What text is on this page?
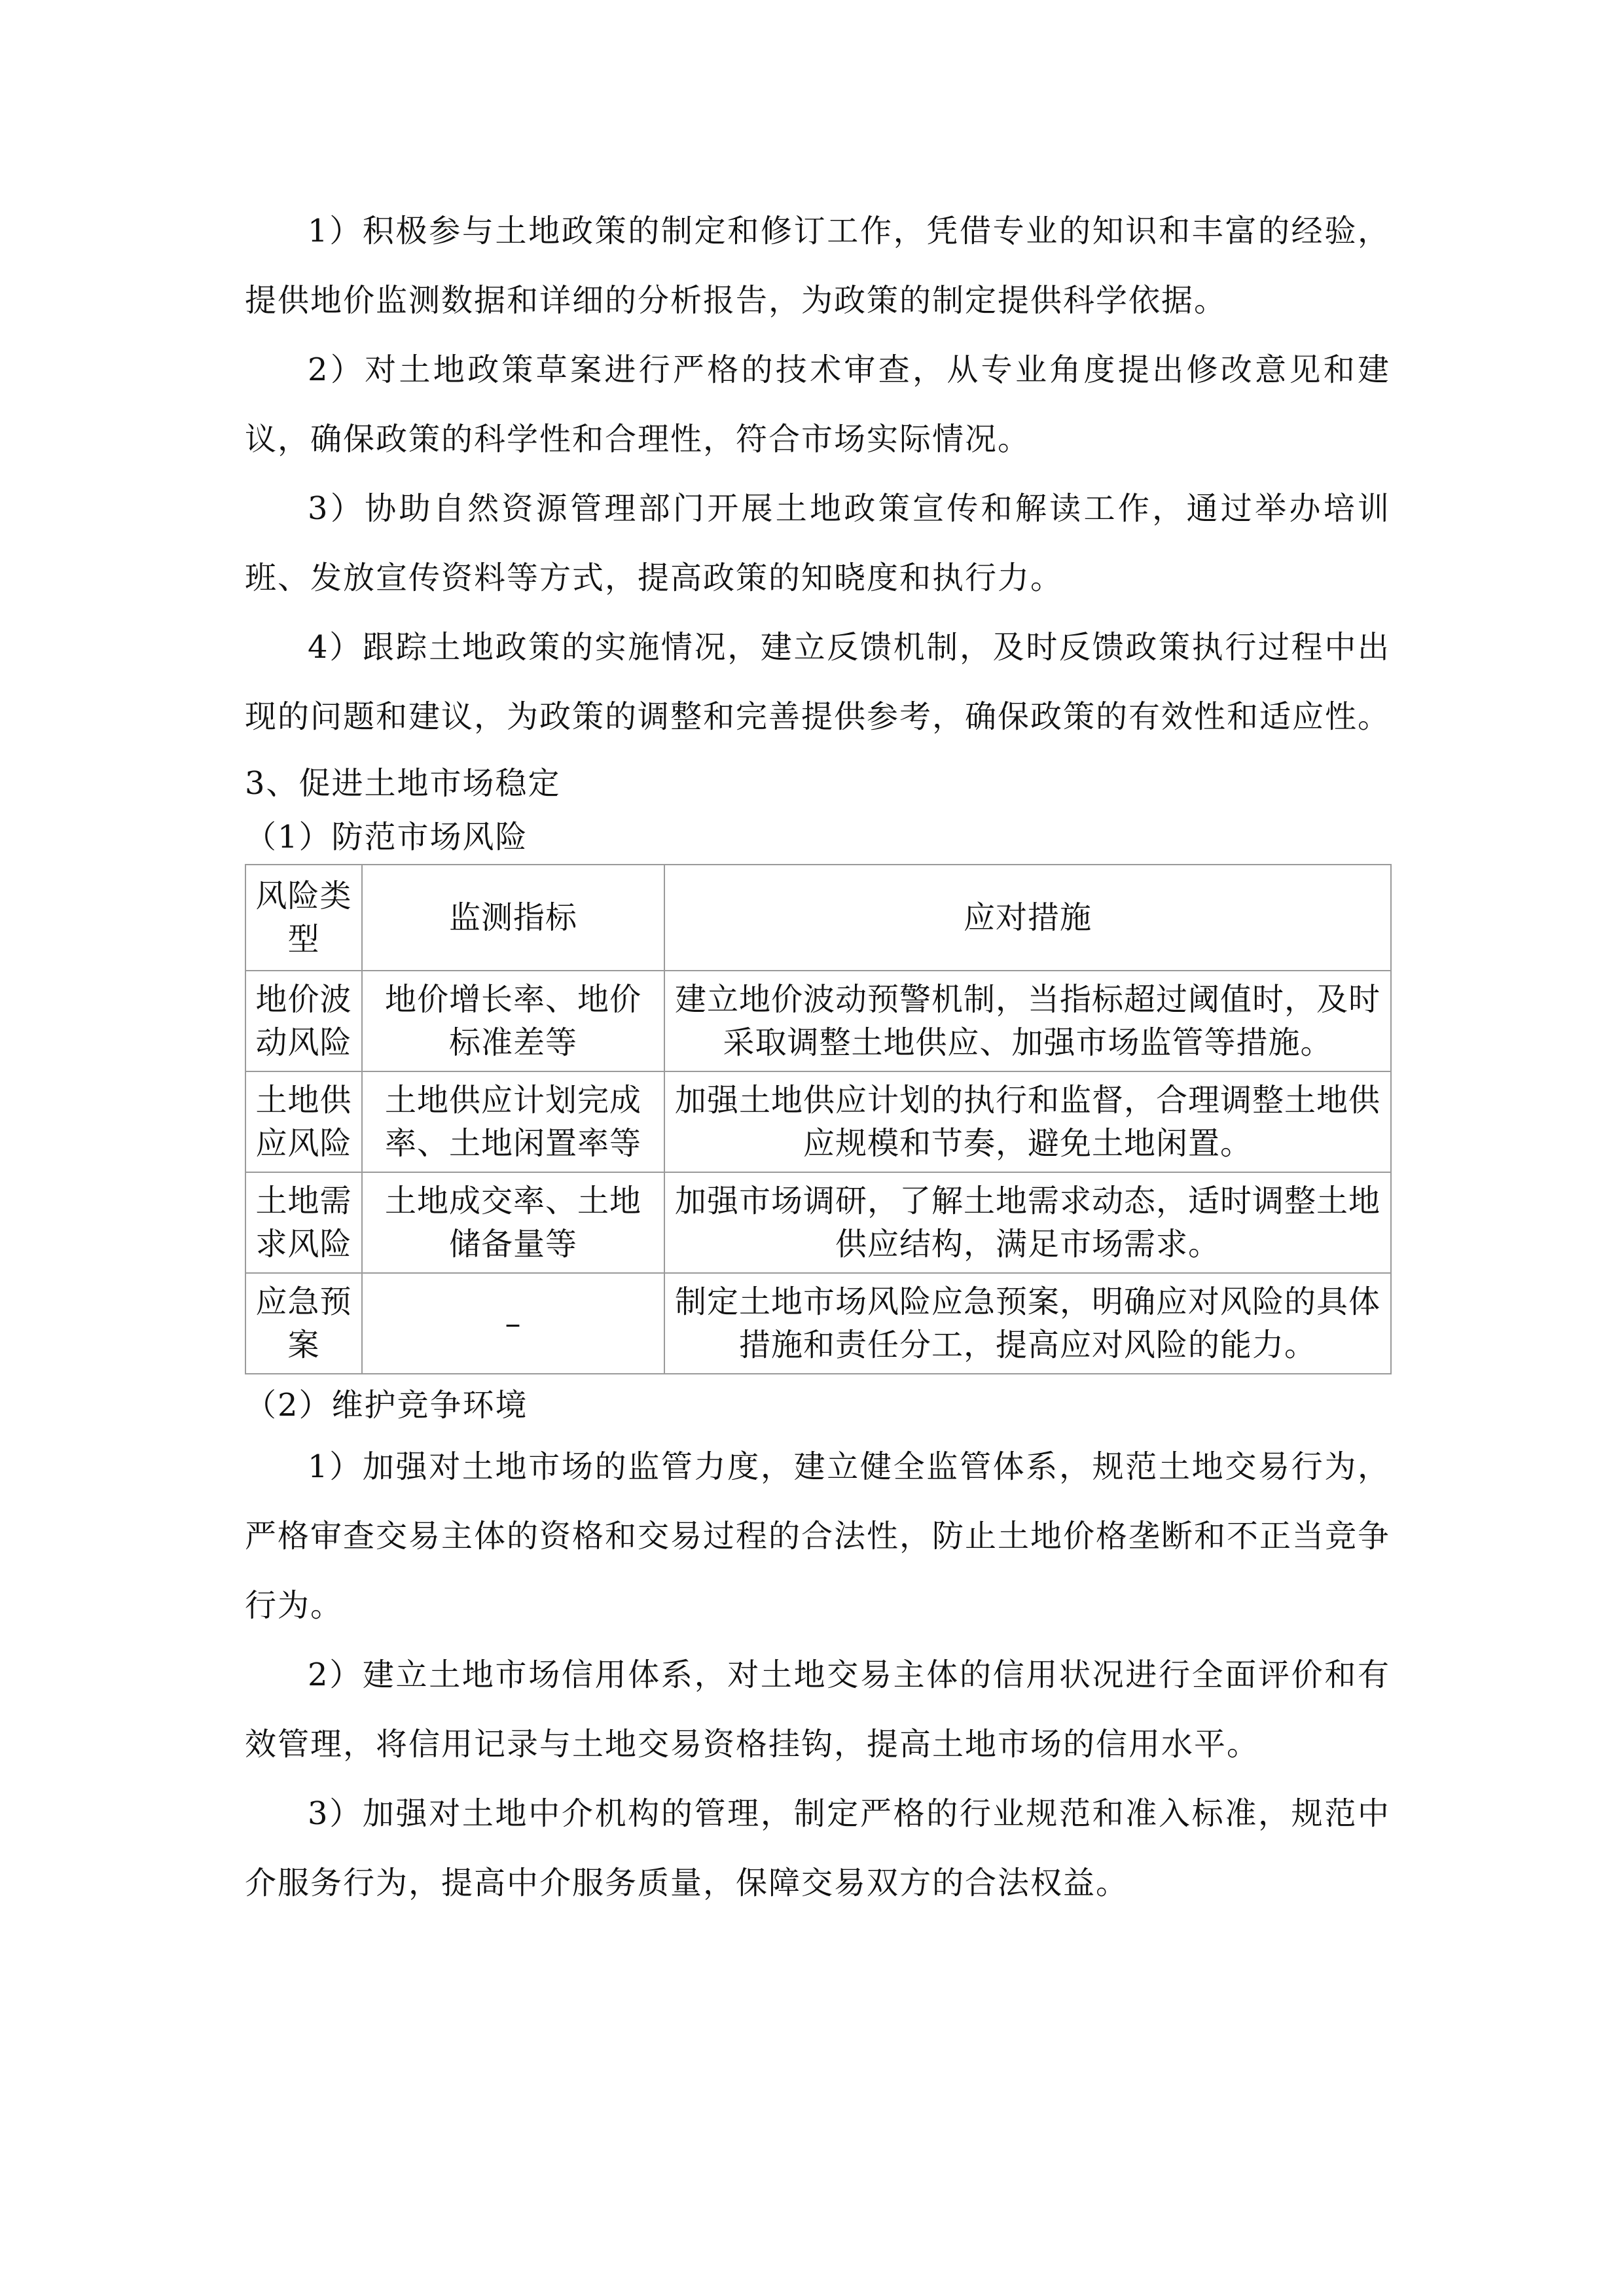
1）积极参与土地政策的制定和修订工作，凭借专业的知识和丰富的经验，提供地价监测数据和详细的分析报告，为政策的制定提供科学依据。

2）对土地政策草案进行严格的技术审查，从专业角度提出修改意见和建议，确保政策的科学性和合理性，符合市场实际情况。

3）协助自然资源管理部门开展土地政策宣传和解读工作，通过举办培训班、发放宣传资料等方式，提高政策的知晓度和执行力。

4）跟踪土地政策的实施情况，建立反馈机制，及时反馈政策执行过程中出现的问题和建议，为政策的调整和完善提供参考，确保政策的有效性和适应性。

3、促进土地市场稳定

（1）防范市场风险

风险类型	监测指标	应对措施
地价波动风险	地价增长率、地价标准差等	建立地价波动预警机制，当指标超过阈值时，及时采取调整土地供应、加强市场监管等措施。
土地供应风险	土地供应计划完成率、土地闲置率等	加强土地供应计划的执行和监督，合理调整土地供应规模和节奏，避免土地闲置。
土地需求风险	土地成交率、土地储备量等	加强市场调研，了解土地需求动态，适时调整土地供应结构，满足市场需求。
应急预案	–	制定土地市场风险应急预案，明确应对风险的具体措施和责任分工，提高应对风险的能力。

（2）维护竞争环境

1）加强对土地市场的监管力度，建立健全监管体系，规范土地交易行为，严格审查交易主体的资格和交易过程的合法性，防止土地价格垄断和不正当竞争行为。

2）建立土地市场信用体系，对土地交易主体的信用状况进行全面评价和有效管理，将信用记录与土地交易资格挂钩，提高土地市场的信用水平。

3）加强对土地中介机构的管理，制定严格的行业规范和准入标准，规范中介服务行为，提高中介服务质量，保障交易双方的合法权益。
